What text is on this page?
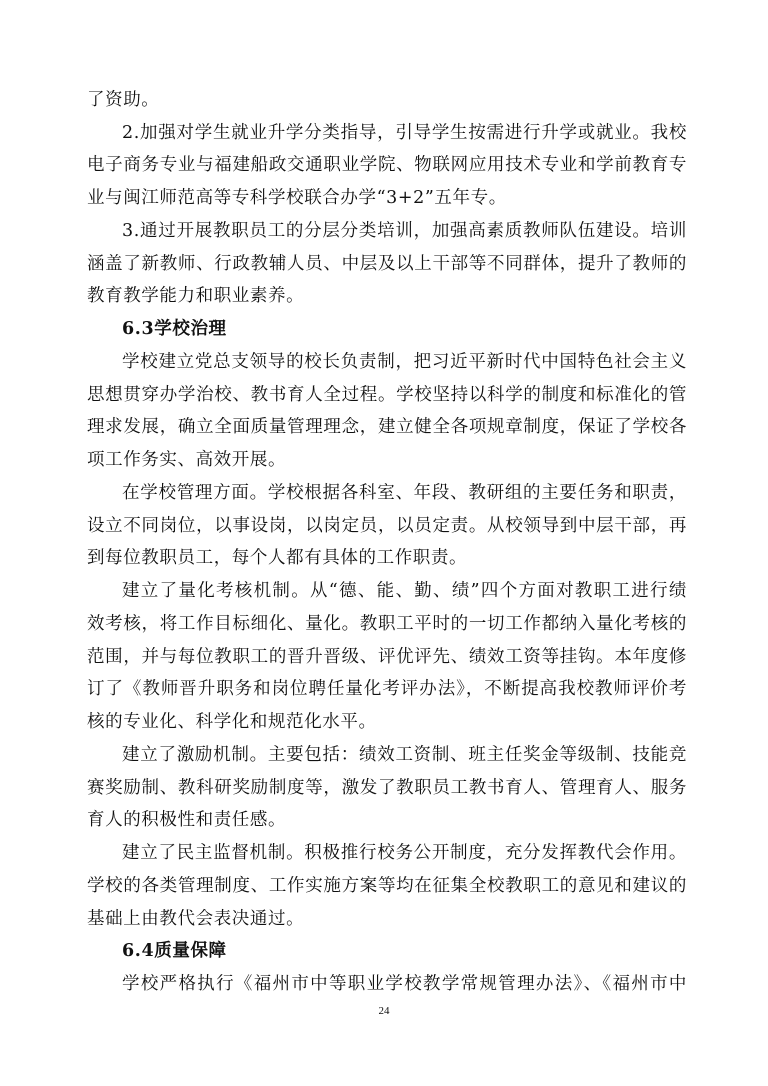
了资助。
2.加强对学生就业升学分类指导，引导学生按需进行升学或就业。我校
电子商务专业与福建船政交通职业学院、物联网应用技术专业和学前教育专
业与闽江师范高等专科学校联合办学“3+2”五年专。
3.通过开展教职员工的分层分类培训，加强高素质教师队伍建设。培训
涵盖了新教师、行政教辅人员、中层及以上干部等不同群体，提升了教师的
教育教学能力和职业素养。
6.3学校治理
学校建立党总支领导的校长负责制，把习近平新时代中国特色社会主义
思想贯穿办学治校、教书育人全过程。学校坚持以科学的制度和标准化的管
理求发展，确立全面质量管理理念，建立健全各项规章制度，保证了学校各
项工作务实、高效开展。
在学校管理方面。学校根据各科室、年段、教研组的主要任务和职责，
设立不同岗位，以事设岗，以岗定员，以员定责。从校领导到中层干部，再
到每位教职员工，每个人都有具体的工作职责。
建立了量化考核机制。从“德、能、勤、绩”四个方面对教职工进行绩
效考核，将工作目标细化、量化。教职工平时的一切工作都纳入量化考核的
范围，并与每位教职工的晋升晋级、评优评先、绩效工资等挂钩。本年度修
订了《教师晋升职务和岗位聘任量化考评办法》，不断提高我校教师评价考
核的专业化、科学化和规范化水平。
建立了激励机制。主要包括：绩效工资制、班主任奖金等级制、技能竞
赛奖励制、教科研奖励制度等，激发了教职员工教书育人、管理育人、服务
育人的积极性和责任感。
建立了民主监督机制。积极推行校务公开制度，充分发挥教代会作用。
学校的各类管理制度、工作实施方案等均在征集全校教职工的意见和建议的
基础上由教代会表决通过。
6.4质量保障
学校严格执行《福州市中等职业学校教学常规管理办法》、《福州市中
24
